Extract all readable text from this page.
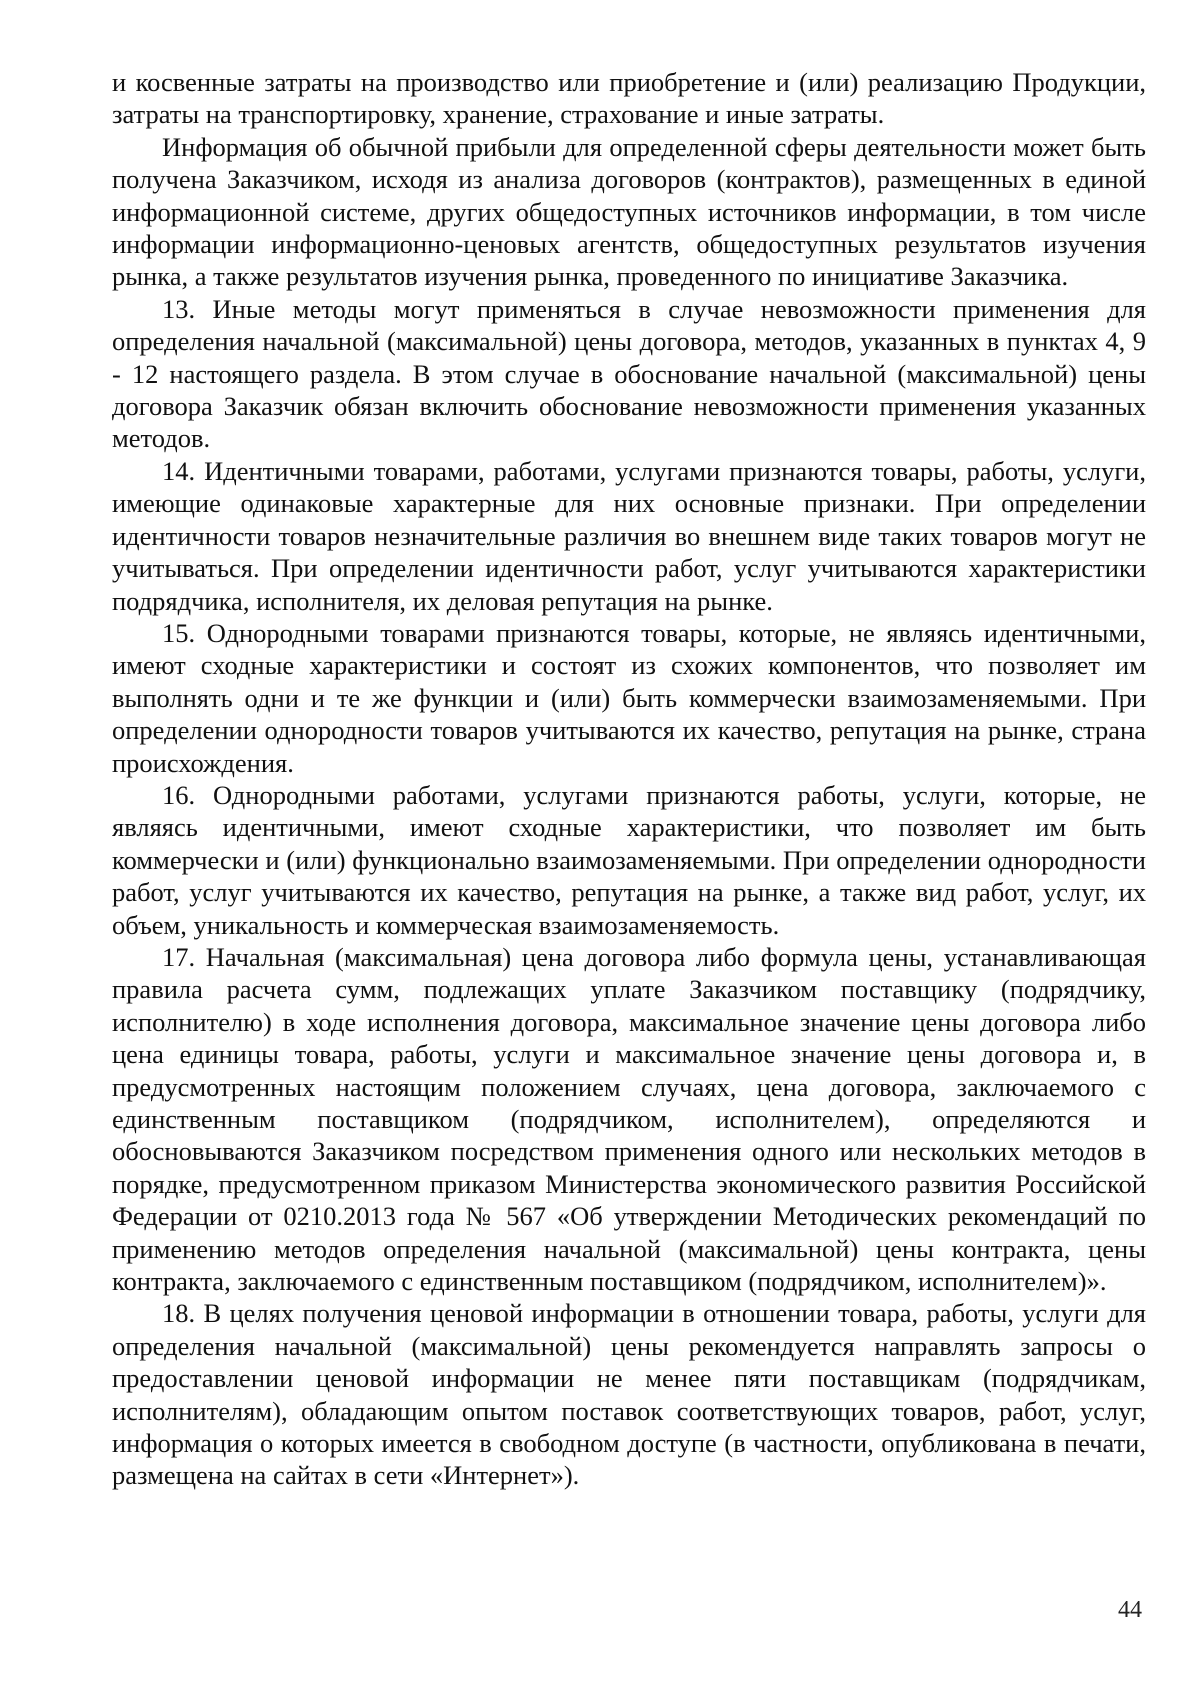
и косвенные затраты на производство или приобретение и (или) реализацию Продукции, затраты на транспортировку, хранение, страхование и иные затраты.

Информация об обычной прибыли для определенной сферы деятельности может быть получена Заказчиком, исходя из анализа договоров (контрактов), размещенных в единой информационной системе, других общедоступных источников информации, в том числе информации информационно-ценовых агентств, общедоступных результатов изучения рынка, а также результатов изучения рынка, проведенного по инициативе Заказчика.

13. Иные методы могут применяться в случае невозможности применения для определения начальной (максимальной) цены договора, методов, указанных в пунктах 4, 9 - 12 настоящего раздела. В этом случае в обоснование начальной (максимальной) цены договора Заказчик обязан включить обоснование невозможности применения указанных методов.

14. Идентичными товарами, работами, услугами признаются товары, работы, услуги, имеющие одинаковые характерные для них основные признаки. При определении идентичности товаров незначительные различия во внешнем виде таких товаров могут не учитываться. При определении идентичности работ, услуг учитываются характеристики подрядчика, исполнителя, их деловая репутация на рынке.

15. Однородными товарами признаются товары, которые, не являясь идентичными, имеют сходные характеристики и состоят из схожих компонентов, что позволяет им выполнять одни и те же функции и (или) быть коммерчески взаимозаменяемыми. При определении однородности товаров учитываются их качество, репутация на рынке, страна происхождения.

16. Однородными работами, услугами признаются работы, услуги, которые, не являясь идентичными, имеют сходные характеристики, что позволяет им быть коммерчески и (или) функционально взаимозаменяемыми. При определении однородности работ, услуг учитываются их качество, репутация на рынке, а также вид работ, услуг, их объем, уникальность и коммерческая взаимозаменяемость.

17. Начальная (максимальная) цена договора либо формула цены, устанавливающая правила расчета сумм, подлежащих уплате Заказчиком поставщику (подрядчику, исполнителю) в ходе исполнения договора, максимальное значение цены договора либо цена единицы товара, работы, услуги и максимальное значение цены договора и, в предусмотренных настоящим положением случаях, цена договора, заключаемого с единственным поставщиком (подрядчиком, исполнителем), определяются и обосновываются Заказчиком посредством применения одного или нескольких методов в порядке, предусмотренном приказом Министерства экономического развития Российской Федерации от 0210.2013 года № 567 «Об утверждении Методических рекомендаций по применению методов определения начальной (максимальной) цены контракта, цены контракта, заключаемого с единственным поставщиком (подрядчиком, исполнителем)».

18. В целях получения ценовой информации в отношении товара, работы, услуги для определения начальной (максимальной) цены рекомендуется направлять запросы о предоставлении ценовой информации не менее пяти поставщикам (подрядчикам, исполнителям), обладающим опытом поставок соответствующих товаров, работ, услуг, информация о которых имеется в свободном доступе (в частности, опубликована в печати, размещена на сайтах в сети «Интернет»).

44
